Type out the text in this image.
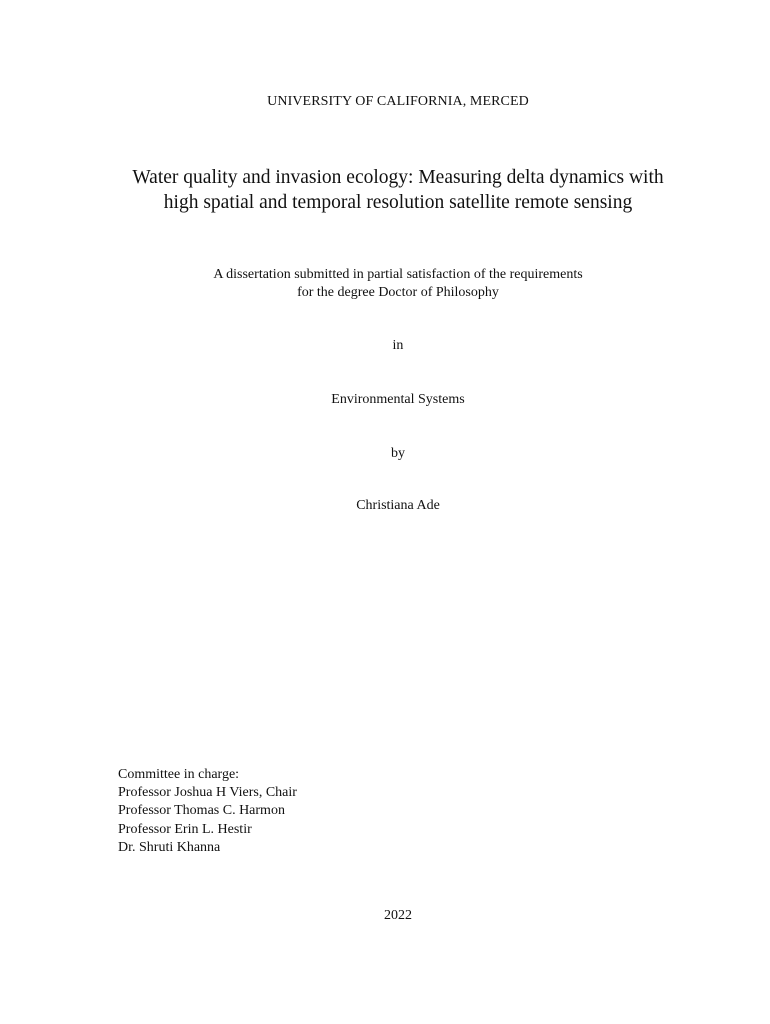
UNIVERSITY OF CALIFORNIA, MERCED
Water quality and invasion ecology: Measuring delta dynamics with
high spatial and temporal resolution satellite remote sensing
A dissertation submitted in partial satisfaction of the requirements
for the degree Doctor of Philosophy
in
Environmental Systems
by
Christiana Ade
Committee in charge:
Professor Joshua H Viers, Chair
Professor Thomas C. Harmon
Professor Erin L. Hestir
Dr. Shruti Khanna
2022
